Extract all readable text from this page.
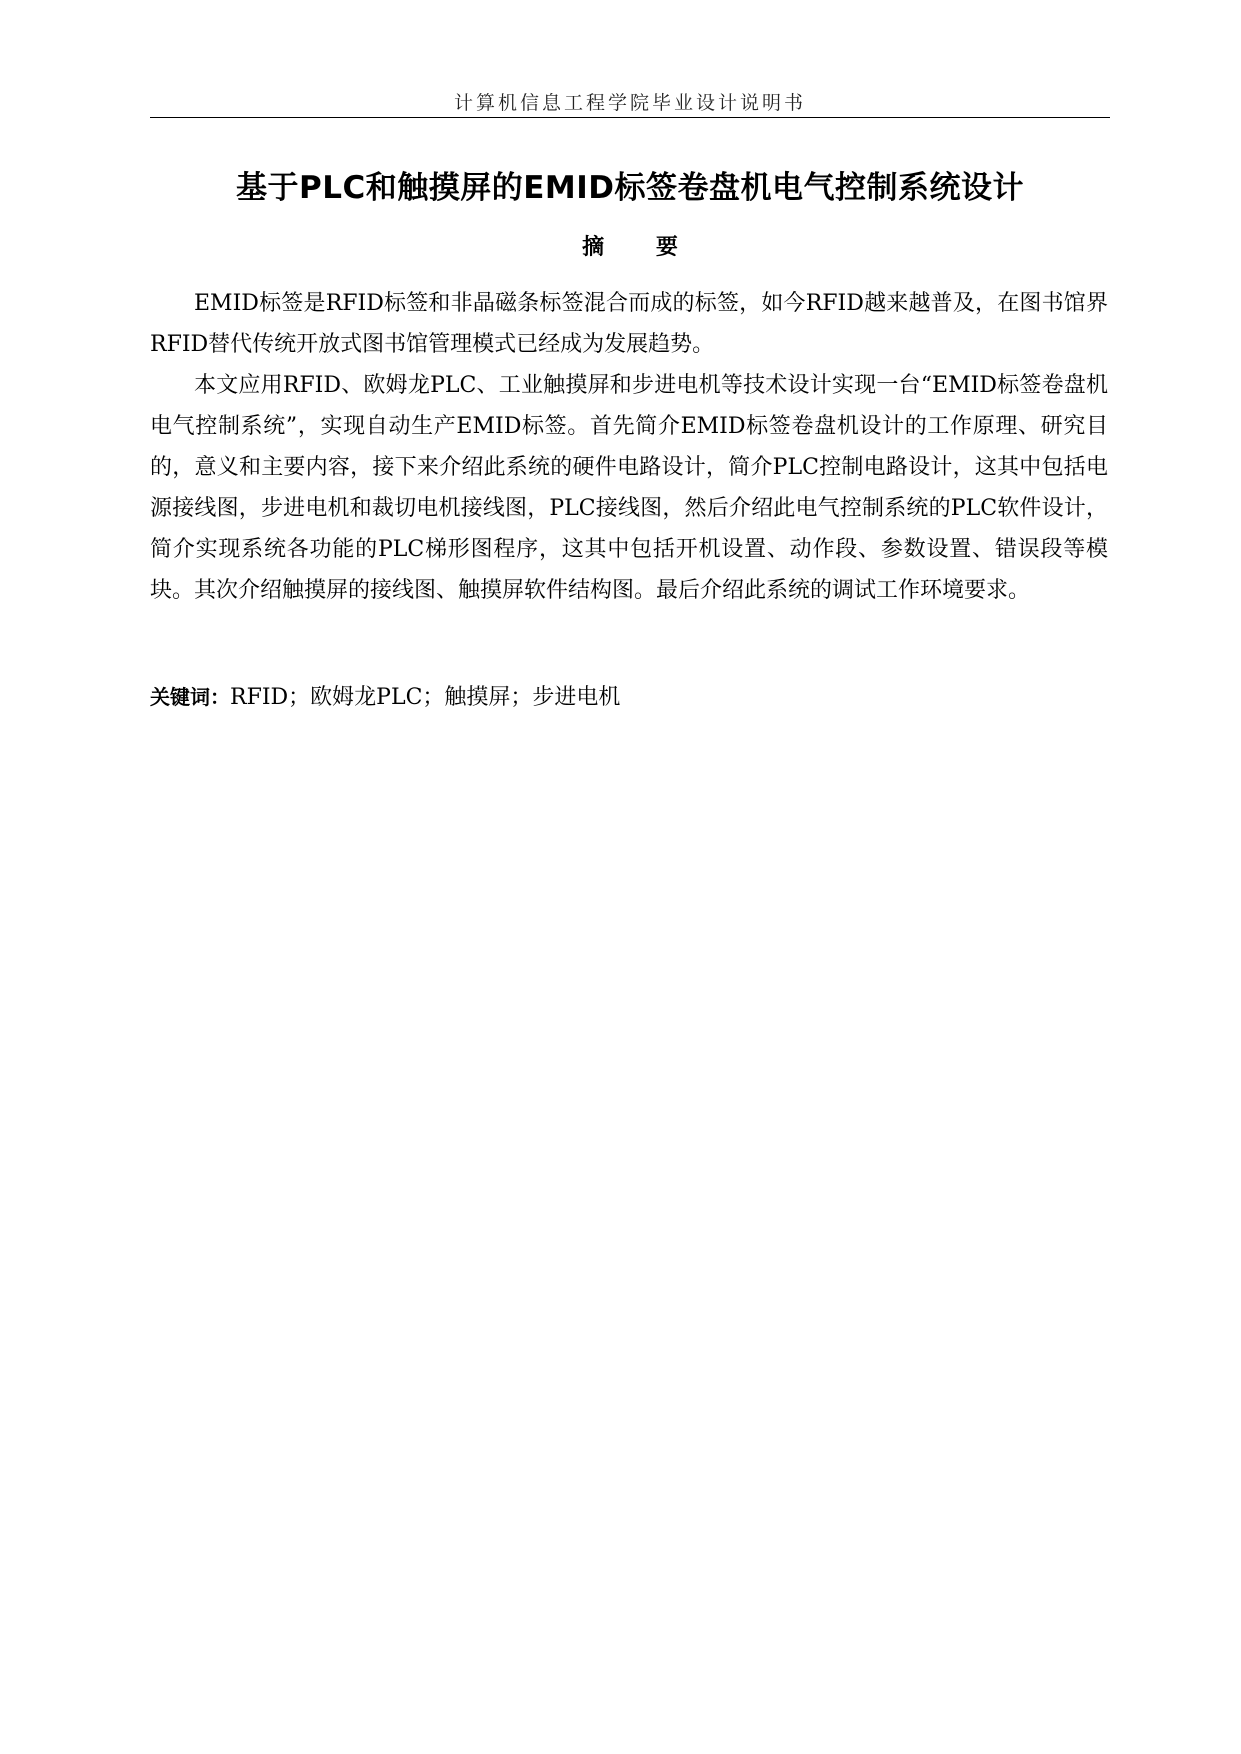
计算机信息工程学院毕业设计说明书
基于PLC和触摸屏的EMID标签卷盘机电气控制系统设计
摘 要

EMID标签是RFID标签和非晶磁条标签混合而成的标签，如今RFID越来越普及，在图书馆界RFID替代传统开放式图书馆管理模式已经成为发展趋势。

本文应用RFID、欧姆龙PLC、工业触摸屏和步进电机等技术设计实现一台“EMID标签卷盘机电气控制系统”，实现自动生产EMID标签。首先简介EMID标签卷盘机设计的工作原理、研究目的，意义和主要内容，接下来介绍此系统的硬件电路设计，简介PLC控制电路设计，这其中包括电源接线图，步进电机和裁切电机接线图，PLC接线图，然后介绍此电气控制系统的PLC软件设计，简介实现系统各功能的PLC梯形图程序，这其中包括开机设置、动作段、参数设置、错误段等模块。其次介绍触摸屏的接线图、触摸屏软件结构图。最后介绍此系统的调试工作环境要求。

关键词：RFID；欧姆龙PLC；触摸屏；步进电机
